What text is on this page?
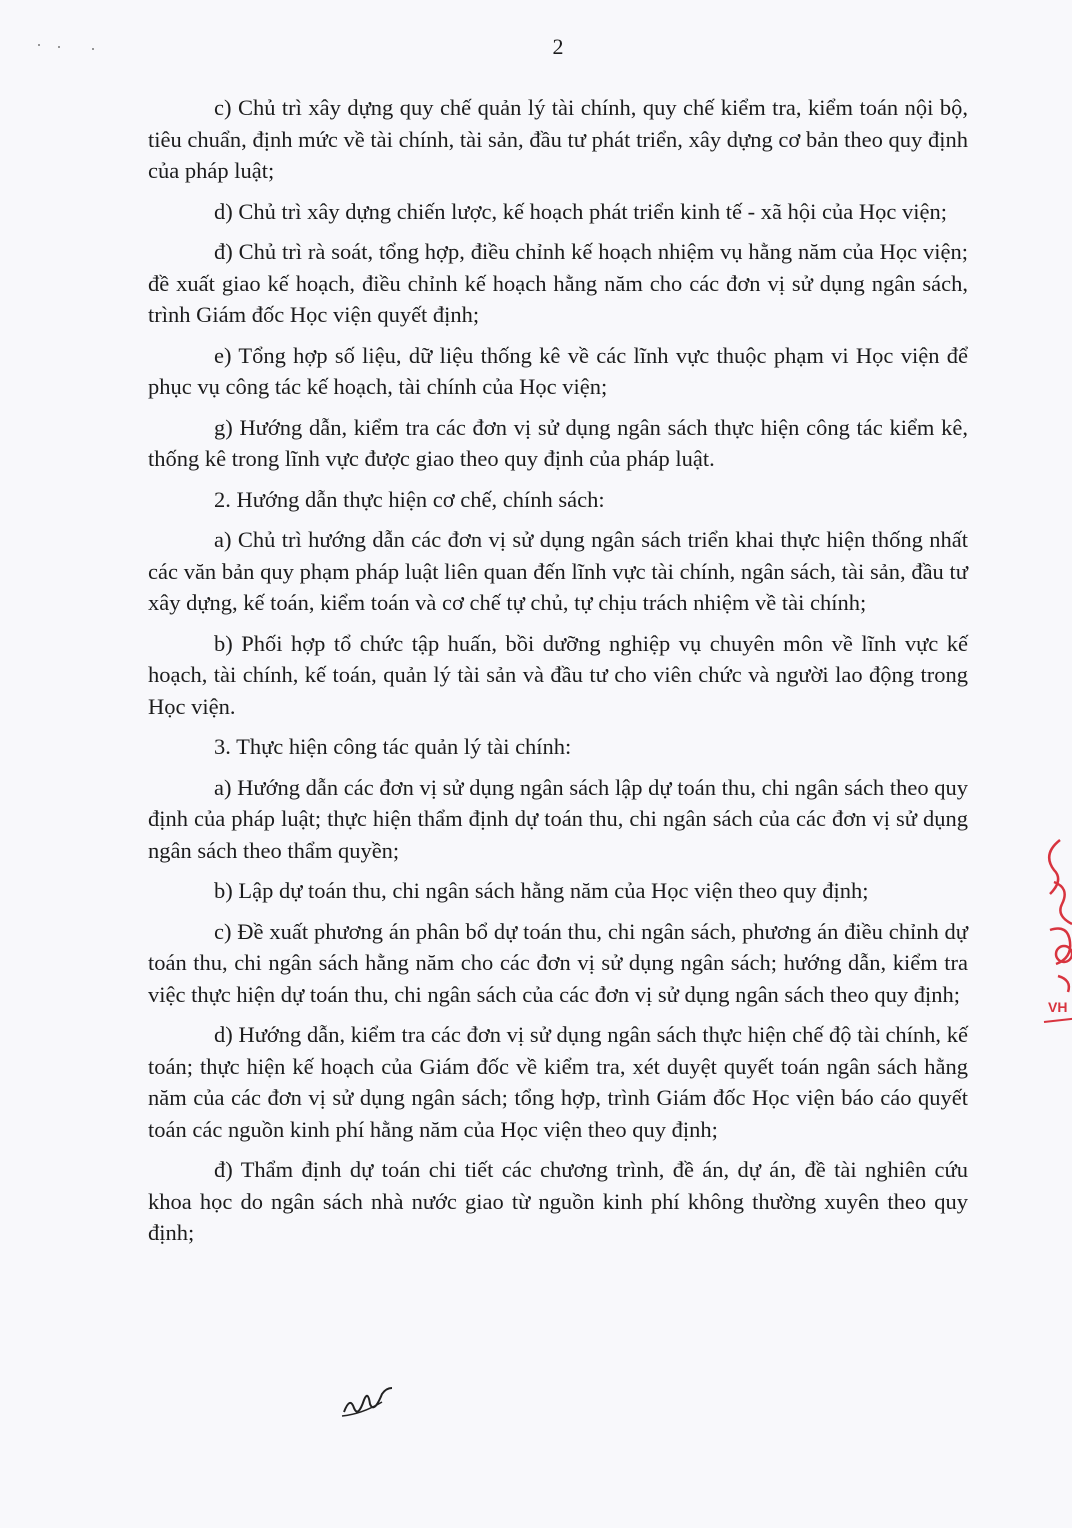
2

c) Chủ trì xây dựng quy chế quản lý tài chính, quy chế kiểm tra, kiểm toán nội bộ, tiêu chuẩn, định mức về tài chính, tài sản, đầu tư phát triển, xây dựng cơ bản theo quy định của pháp luật;

d) Chủ trì xây dựng chiến lược, kế hoạch phát triển kinh tế - xã hội của Học viện;

đ) Chủ trì rà soát, tổng hợp, điều chỉnh kế hoạch nhiệm vụ hằng năm của Học viện; đề xuất giao kế hoạch, điều chỉnh kế hoạch hằng năm cho các đơn vị sử dụng ngân sách, trình Giám đốc Học viện quyết định;

e) Tổng hợp số liệu, dữ liệu thống kê về các lĩnh vực thuộc phạm vi Học viện để phục vụ công tác kế hoạch, tài chính của Học viện;

g) Hướng dẫn, kiểm tra các đơn vị sử dụng ngân sách thực hiện công tác kiểm kê, thống kê trong lĩnh vực được giao theo quy định của pháp luật.

2. Hướng dẫn thực hiện cơ chế, chính sách:

a) Chủ trì hướng dẫn các đơn vị sử dụng ngân sách triển khai thực hiện thống nhất các văn bản quy phạm pháp luật liên quan đến lĩnh vực tài chính, ngân sách, tài sản, đầu tư xây dựng, kế toán, kiểm toán và cơ chế tự chủ, tự chịu trách nhiệm về tài chính;

b) Phối hợp tổ chức tập huấn, bồi dưỡng nghiệp vụ chuyên môn về lĩnh vực kế hoạch, tài chính, kế toán, quản lý tài sản và đầu tư cho viên chức và người lao động trong Học viện.

3. Thực hiện công tác quản lý tài chính:

a) Hướng dẫn các đơn vị sử dụng ngân sách lập dự toán thu, chi ngân sách theo quy định của pháp luật; thực hiện thẩm định dự toán thu, chi ngân sách của các đơn vị sử dụng ngân sách theo thẩm quyền;

b) Lập dự toán thu, chi ngân sách hằng năm của Học viện theo quy định;

c) Đề xuất phương án phân bổ dự toán thu, chi ngân sách, phương án điều chỉnh dự toán thu, chi ngân sách hằng năm cho các đơn vị sử dụng ngân sách; hướng dẫn, kiểm tra việc thực hiện dự toán thu, chi ngân sách của các đơn vị sử dụng ngân sách theo quy định;

d) Hướng dẫn, kiểm tra các đơn vị sử dụng ngân sách thực hiện chế độ tài chính, kế toán; thực hiện kế hoạch của Giám đốc về kiểm tra, xét duyệt quyết toán ngân sách hằng năm của các đơn vị sử dụng ngân sách; tổng hợp, trình Giám đốc Học viện báo cáo quyết toán các nguồn kinh phí hằng năm của Học viện theo quy định;

đ) Thẩm định dự toán chi tiết các chương trình, đề án, dự án, đề tài nghiên cứu khoa học do ngân sách nhà nước giao từ nguồn kinh phí không thường xuyên theo quy định;

VH
